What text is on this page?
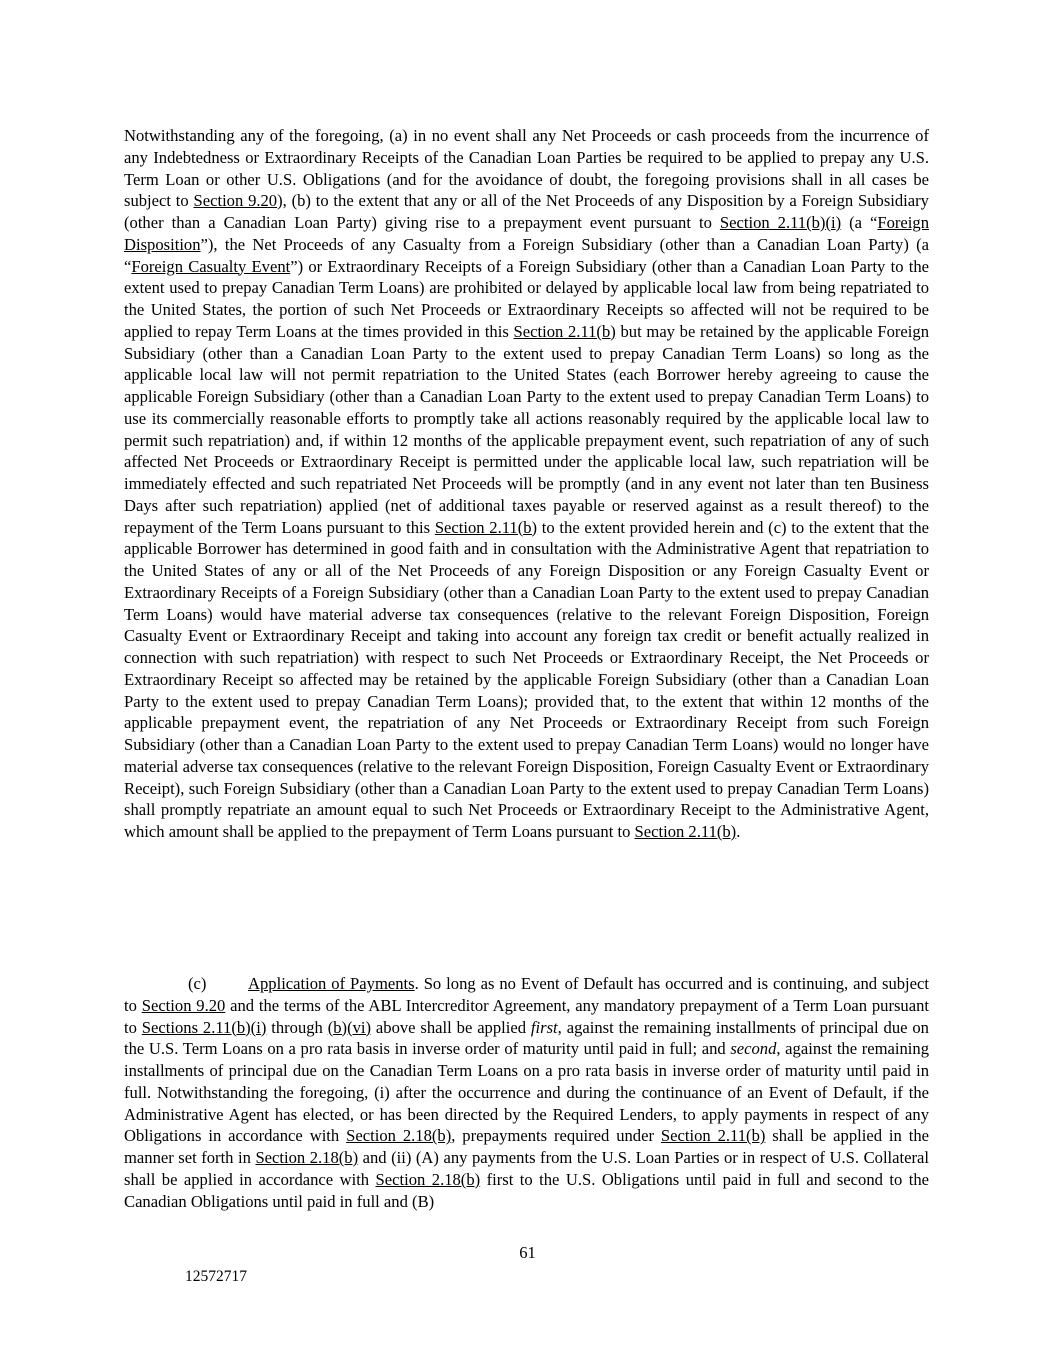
Notwithstanding any of the foregoing, (a) in no event shall any Net Proceeds or cash proceeds from the incurrence of any Indebtedness or Extraordinary Receipts of the Canadian Loan Parties be required to be applied to prepay any U.S. Term Loan or other U.S. Obligations (and for the avoidance of doubt, the foregoing provisions shall in all cases be subject to Section 9.20), (b) to the extent that any or all of the Net Proceeds of any Disposition by a Foreign Subsidiary (other than a Canadian Loan Party) giving rise to a prepayment event pursuant to Section 2.11(b)(i) (a “Foreign Disposition”), the Net Proceeds of any Casualty from a Foreign Subsidiary (other than a Canadian Loan Party) (a “Foreign Casualty Event”) or Extraordinary Receipts of a Foreign Subsidiary (other than a Canadian Loan Party to the extent used to prepay Canadian Term Loans) are prohibited or delayed by applicable local law from being repatriated to the United States, the portion of such Net Proceeds or Extraordinary Receipts so affected will not be required to be applied to repay Term Loans at the times provided in this Section 2.11(b) but may be retained by the applicable Foreign Subsidiary (other than a Canadian Loan Party to the extent used to prepay Canadian Term Loans) so long as the applicable local law will not permit repatriation to the United States (each Borrower hereby agreeing to cause the applicable Foreign Subsidiary (other than a Canadian Loan Party to the extent used to prepay Canadian Term Loans) to use its commercially reasonable efforts to promptly take all actions reasonably required by the applicable local law to permit such repatriation) and, if within 12 months of the applicable prepayment event, such repatriation of any of such affected Net Proceeds or Extraordinary Receipt is permitted under the applicable local law, such repatriation will be immediately effected and such repatriated Net Proceeds will be promptly (and in any event not later than ten Business Days after such repatriation) applied (net of additional taxes payable or reserved against as a result thereof) to the repayment of the Term Loans pursuant to this Section 2.11(b) to the extent provided herein and (c) to the extent that the applicable Borrower has determined in good faith and in consultation with the Administrative Agent that repatriation to the United States of any or all of the Net Proceeds of any Foreign Disposition or any Foreign Casualty Event or Extraordinary Receipts of a Foreign Subsidiary (other than a Canadian Loan Party to the extent used to prepay Canadian Term Loans) would have material adverse tax consequences (relative to the relevant Foreign Disposition, Foreign Casualty Event or Extraordinary Receipt and taking into account any foreign tax credit or benefit actually realized in connection with such repatriation) with respect to such Net Proceeds or Extraordinary Receipt, the Net Proceeds or Extraordinary Receipt so affected may be retained by the applicable Foreign Subsidiary (other than a Canadian Loan Party to the extent used to prepay Canadian Term Loans); provided that, to the extent that within 12 months of the applicable prepayment event, the repatriation of any Net Proceeds or Extraordinary Receipt from such Foreign Subsidiary (other than a Canadian Loan Party to the extent used to prepay Canadian Term Loans) would no longer have material adverse tax consequences (relative to the relevant Foreign Disposition, Foreign Casualty Event or Extraordinary Receipt), such Foreign Subsidiary (other than a Canadian Loan Party to the extent used to prepay Canadian Term Loans) shall promptly repatriate an amount equal to such Net Proceeds or Extraordinary Receipt to the Administrative Agent, which amount shall be applied to the prepayment of Term Loans pursuant to Section 2.11(b).

(c)	Application of Payments. So long as no Event of Default has occurred and is continuing, and subject to Section 9.20 and the terms of the ABL Intercreditor Agreement, any mandatory prepayment of a Term Loan pursuant to Sections 2.11(b)(i) through (b)(vi) above shall be applied first, against the remaining installments of principal due on the U.S. Term Loans on a pro rata basis in inverse order of maturity until paid in full; and second, against the remaining installments of principal due on the Canadian Term Loans on a pro rata basis in inverse order of maturity until paid in full. Notwithstanding the foregoing, (i) after the occurrence and during the continuance of an Event of Default, if the Administrative Agent has elected, or has been directed by the Required Lenders, to apply payments in respect of any Obligations in accordance with Section 2.18(b), prepayments required under Section 2.11(b) shall be applied in the manner set forth in Section 2.18(b) and (ii) (A) any payments from the U.S. Loan Parties or in respect of U.S. Collateral shall be applied in accordance with Section 2.18(b) first to the U.S. Obligations until paid in full and second to the Canadian Obligations until paid in full and (B)

61
12572717
